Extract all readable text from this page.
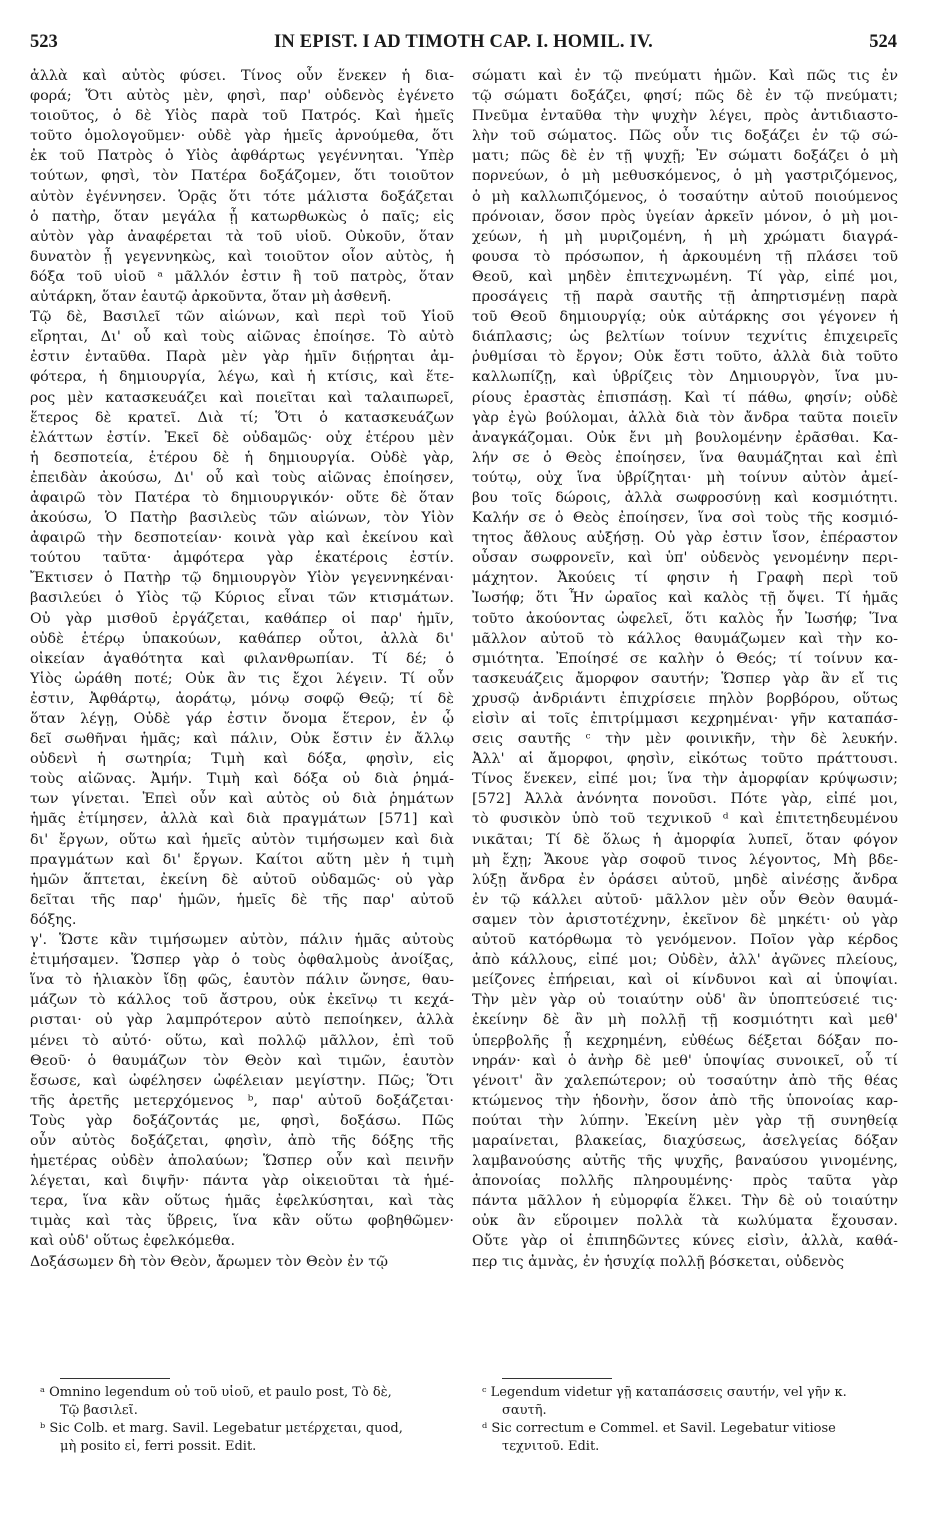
523	IN EPIST. I AD TIMOTH CAP. I. HOMIL. IV.	524
ἀλλὰ καὶ αὐτὸς φύσει. Τίνος οὖν ἕνεκεν ἡ δια-
φορά; Ὅτι αὐτὸς μὲν, φησὶ, παρ' οὐδενὸς ἐγένετο
τοιοῦτος, ὁ δὲ Υἱὸς παρὰ τοῦ Πατρός. Καὶ ἡμεῖς
τοῦτο ὁμολογοῦμεν· οὐδὲ γὰρ ἡμεῖς ἀρνούμεθα, ὅτι
ἐκ τοῦ Πατρὸς ὁ Υἱὸς ἀφθάρτως γεγέννηται. Ὑπὲρ
τούτων, φησὶ, τὸν Πατέρα δοξάζομεν, ὅτι τοιοῦτον
αὐτὸν ἐγέννησεν. Ὁρᾷς ὅτι τότε μάλιστα δοξάζεται
ὁ πατὴρ, ὅταν μεγάλα ᾖ κατωρθωκὼς ὁ παῖς; εἰς
αὐτὸν γὰρ ἀναφέρεται τὰ τοῦ υἱοῦ. Οὐκοῦν, ὅταν
δυνατὸν ᾖ γεγεννηκὼς, καὶ τοιοῦτον οἷον αὐτὸς, ἡ
δόξα τοῦ υἱοῦ ᵃ μᾶλλόν ἐστιν ἢ τοῦ πατρὸς, ὅταν
αὐτάρκη, ὅταν ἑαυτῷ ἀρκοῦντα, ὅταν μὴ ἀσθενῆ.
Τῷ δὲ, Βασιλεῖ τῶν αἰώνων, καὶ περὶ τοῦ Υἱοῦ
εἴρηται, Δι' οὗ καὶ τοὺς αἰῶνας ἐποίησε. Τὸ αὐτὸ
ἐστιν ἐνταῦθα. Παρὰ μὲν γὰρ ἡμῖν διῄρηται ἀμ-
φότερα, ἡ δημιουργία, λέγω, καὶ ἡ κτίσις, καὶ ἕτε-
ρος μὲν κατασκευάζει καὶ ποιεῖται καὶ ταλαιπωρεῖ,
ἕτερος δὲ κρατεῖ. Διὰ τί; Ὅτι ὁ κατασκευάζων
ἐλάττων ἐστίν. Ἐκεῖ δὲ οὐδαμῶς· οὐχ ἑτέρου μὲν
ἡ δεσποτεία, ἑτέρου δὲ ἡ δημιουργία. Οὐδὲ γὰρ,
ἐπειδὰν ἀκούσω, Δι' οὗ καὶ τοὺς αἰῶνας ἐποίησεν,
ἀφαιρῶ τὸν Πατέρα τὸ δημιουργικόν· οὔτε δὲ ὅταν
ἀκούσω, Ὁ Πατὴρ βασιλεὺς τῶν αἰώνων, τὸν Υἱὸν
ἀφαιρῶ τὴν δεσποτείαν· κοινὰ γὰρ καὶ ἐκείνου καὶ
τούτου ταῦτα· ἀμφότερα γὰρ ἑκατέροις ἐστίν.
Ἔκτισεν ὁ Πατὴρ τῷ δημιουργὸν Υἱὸν γεγεννηκέναι·
βασιλεύει ὁ Υἱὸς τῷ Κύριος εἶναι τῶν κτισμάτων.
Οὐ γὰρ μισθοῦ ἐργάζεται, καθάπερ οἱ παρ' ἡμῖν,
οὐδὲ ἑτέρῳ ὑπακούων, καθάπερ οὗτοι, ἀλλὰ δι'
οἰκείαν ἀγαθότητα καὶ φιλανθρωπίαν. Τί δέ; ὁ
Υἱὸς ὠράθη ποτέ; Οὐκ ἂν τις ἔχοι λέγειν. Τί οὖν
ἐστιν, Ἀφθάρτῳ, ἀοράτῳ, μόνῳ σοφῷ Θεῷ; τί δὲ
ὅταν λέγῃ, Οὐδὲ γάρ ἐστιν ὄνομα ἕτερον, ἐν ᾧ
δεῖ σωθῆναι ἡμᾶς; καὶ πάλιν, Οὐκ ἔστιν ἐν ἄλλῳ
οὐδενὶ ἡ σωτηρία; Τιμὴ καὶ δόξα, φησὶν, εἰς
τοὺς αἰῶνας. Ἀμήν. Τιμὴ καὶ δόξα οὐ διὰ ῥημά-
των γίνεται. Ἐπεὶ οὖν καὶ αὐτὸς οὐ διὰ ῥημάτων
ἡμᾶς ἐτίμησεν, ἀλλὰ καὶ διὰ πραγμάτων [571] καὶ
δι' ἔργων, οὕτω καὶ ἡμεῖς αὐτὸν τιμήσωμεν καὶ διὰ
πραγμάτων καὶ δι' ἔργων. Καίτοι αὕτη μὲν ἡ τιμὴ
ἡμῶν ἅπτεται, ἐκείνη δὲ αὐτοῦ οὐδαμῶς· οὐ γὰρ
δεῖται τῆς παρ' ἡμῶν, ἡμεῖς δὲ τῆς παρ' αὐτοῦ
δόξης.
γ'. Ὥστε κἂν τιμήσωμεν αὐτὸν, πάλιν ἡμᾶς αὐτοὺς
ἐτιμήσαμεν. Ὥσπερ γὰρ ὁ τοὺς ὀφθαλμοὺς ἀνοίξας,
ἵνα τὸ ἡλιακὸν ἴδῃ φῶς, ἑαυτὸν πάλιν ὤνησε, θαυ-
μάζων τὸ κάλλος τοῦ ἄστρου, οὐκ ἐκεῖνῳ τι κεχά-
ρισται· οὐ γὰρ λαμπρότερον αὐτὸ πεποίηκεν, ἀλλὰ
μένει τὸ αὐτό· οὕτω, καὶ πολλῷ μᾶλλον, ἐπὶ τοῦ
Θεοῦ· ὁ θαυμάζων τὸν Θεὸν καὶ τιμῶν, ἑαυτὸν
ἔσωσε, καὶ ὠφέλησεν ὠφέλειαν μεγίστην. Πῶς; Ὅτι
τῆς ἀρετῆς μετερχόμενος ᵇ, παρ' αὐτοῦ δοξάζεται·
Τοὺς γὰρ δοξάζοντάς με, φησὶ, δοξάσω. Πῶς
οὖν αὐτὸς δοξάζεται, φησὶν, ἀπὸ τῆς δόξης τῆς
ἡμετέρας οὐδὲν ἀπολαύων; Ὥσπερ οὖν καὶ πεινῆν
λέγεται, καὶ διψῆν· πάντα γὰρ οἰκειοῦται τὰ ἡμέ-
τερα, ἵνα κἂν οὕτως ἡμᾶς ἐφελκύσηται, καὶ τὰς
τιμὰς καὶ τὰς ὕβρεις, ἵνα κἂν οὕτω φοβηθῶμεν·
καὶ οὐδ' οὕτως ἐφελκόμεθα.
Δοξάσωμεν δὴ τὸν Θεὸν, ἄρωμεν τὸν Θεὸν ἐν τῷ
σώματι καὶ ἐν τῷ πνεύματι ἡμῶν. Καὶ πῶς τις ἐν
τῷ σώματι δοξάζει, φησί; πῶς δὲ ἐν τῷ πνεύματι;
Πνεῦμα ἐνταῦθα τὴν ψυχὴν λέγει, πρὸς ἀντιδιαστο-
λὴν τοῦ σώματος. Πῶς οὖν τις δοξάζει ἐν τῷ σώ-
ματι; πῶς δὲ ἐν τῇ ψυχῇ; Ἐν σώματι δοξάζει ὁ μὴ
πορνεύων, ὁ μὴ μεθυσκόμενος, ὁ μὴ γαστριζόμενος,
ὁ μὴ καλλωπιζόμενος, ὁ τοσαύτην αὐτοῦ ποιούμενος
πρόνοιαν, ὅσον πρὸς ὑγείαν ἀρκεῖν μόνον, ὁ μὴ μοι-
χεύων, ἡ μὴ μυριζομένη, ἡ μὴ χρώματι διαγρά-
φουσα τὸ πρόσωπον, ἡ ἀρκουμένη τῇ πλάσει τοῦ
Θεοῦ, καὶ μηδὲν ἐπιτεχνωμένη. Τί γὰρ, εἰπέ μοι,
προσάγεις τῇ παρὰ σαυτῆς τῇ ἀπηρτισμένῃ παρὰ
τοῦ Θεοῦ δημιουργίᾳ; οὐκ αὐτάρκης σοι γέγονεν ἡ
διάπλασις; ὡς βελτίων τοίνυν τεχνίτις ἐπιχειρεῖς
ῥυθμίσαι τὸ ἔργον; Οὐκ ἔστι τοῦτο, ἀλλὰ διὰ τοῦτο
καλλωπίζῃ, καὶ ὑβρίζεις τὸν Δημιουργὸν, ἵνα μυ-
ρίους ἐραστὰς ἐπισπάσῃ. Καὶ τί πάθω, φησίν; οὐδὲ
γὰρ ἐγὼ βούλομαι, ἀλλὰ διὰ τὸν ἄνδρα ταῦτα ποιεῖν
ἀναγκάζομαι. Οὐκ ἔνι μὴ βουλομένην ἐρᾶσθαι. Κα-
λήν σε ὁ Θεὸς ἐποίησεν, ἵνα θαυμάζηται καὶ ἐπὶ
τούτῳ, οὐχ ἵνα ὑβρίζηται· μὴ τοίνυν αὐτὸν ἀμεί-
βου τοῖς δώροις, ἀλλὰ σωφροσύνῃ καὶ κοσμιότητι.
Καλήν σε ὁ Θεὸς ἐποίησεν, ἵνα σοὶ τοὺς τῆς κοσμιό-
τητος ἄθλους αὐξήσῃ. Οὐ γὰρ ἐστιν ἴσον, ἐπέραστον
οὖσαν σωφρονεῖν, καὶ ὑπ' οὐδενὸς γενομένην περι-
μάχητον. Ἀκούεις τί φησιν ἡ Γραφὴ περὶ τοῦ
Ἰωσήφ; ὅτι Ἦν ὡραῖος καὶ καλὸς τῇ ὄψει. Τί ἡμᾶς
τοῦτο ἀκούοντας ὠφελεῖ, ὅτι καλὸς ἦν Ἰωσήφ; Ἵνα
μᾶλλον αὐτοῦ τὸ κάλλος θαυμάζωμεν καὶ τὴν κο-
σμιότητα. Ἐποίησέ σε καλὴν ὁ Θεός; τί τοίνυν κα-
τασκευάζεις ἄμορφον σαυτήν; Ὥσπερ γὰρ ἂν εἴ τις
χρυσῷ ἀνδριάντι ἐπιχρίσειε πηλὸν βορβόρου, οὕτως
εἰσὶν αἱ τοῖς ἐπιτρίμμασι κεχρημέναι· γῆν καταπάσ-
σεις σαυτῆς ᶜ τὴν μὲν φοινικῆν, τὴν δὲ λευκήν.
Ἀλλ' αἱ ἄμορφοι, φησὶν, εἰκότως τοῦτο πράττουσι.
Τίνος ἕνεκεν, εἰπέ μοι; ἵνα τὴν ἀμορφίαν κρύψωσιν;
[572] Ἀλλὰ ἀνόνητα πονοῦσι. Πότε γὰρ, εἰπέ μοι,
τὸ φυσικὸν ὑπὸ τοῦ τεχνικοῦ ᵈ καὶ ἐπιτετηδευμένου
νικᾶται; Τί δὲ ὅλως ἡ ἀμορφία λυπεῖ, ὅταν φόγον
μὴ ἔχῃ; Ἄκουε γὰρ σοφοῦ τινος λέγοντος, Μὴ βδε-
λύξῃ ἄνδρα ἐν ὁράσει αὐτοῦ, μηδὲ αἰνέσῃς ἄνδρα
ἐν τῷ κάλλει αὐτοῦ· μᾶλλον μὲν οὖν Θεὸν θαυμά-
σαμεν τὸν ἀριστοτέχνην, ἐκεῖνον δὲ μηκέτι· οὐ γὰρ
αὐτοῦ κατόρθωμα τὸ γενόμενον. Ποῖον γὰρ κέρδος
ἀπὸ κάλλους, εἰπέ μοι; Οὐδὲν, ἀλλ' ἀγῶνες πλείους,
μείζονες ἐπήρειαι, καὶ οἱ κίνδυνοι καὶ αἱ ὑποψίαι.
Τὴν μὲν γὰρ οὐ τοιαύτην οὐδ' ἂν ὑποπτεύσειέ τις·
ἐκείνην δὲ ἂν μὴ πολλῇ τῇ κοσμιότητι καὶ μεθ'
ὑπερβολῆς ᾖ κεχρημένη, εὐθέως δέξεται δόξαν πο-
νηράν· καὶ ὁ ἀνὴρ δὲ μεθ' ὑποψίας συνοικεῖ, οὗ τί
γένοιτ' ἂν χαλεπώτερον; οὐ τοσαύτην ἀπὸ τῆς θέας
κτώμενος τὴν ἡδονὴν, ὅσον ἀπὸ τῆς ὑπονοίας καρ-
πούται τὴν λύπην. Ἐκείνη μὲν γὰρ τῇ συνηθείᾳ
μαραίνεται, βλακείας, διαχύσεως, ἀσελγείας δόξαν
λαμβανούσης αὐτῆς τῆς ψυχῆς, βαναύσου γινομένης,
ἀπονοίας πολλῆς πληρουμένης· πρὸς ταῦτα γὰρ
πάντα μᾶλλον ἡ εὐμορφία ἕλκει. Τὴν δὲ οὐ τοιαύτην
οὐκ ἂν εὕροιμεν πολλὰ τὰ κωλύματα ἔχουσαν.
Οὔτε γὰρ οἱ ἐπιπηδῶντες κύνες εἰσὶν, ἀλλὰ, καθά-
περ τις ἀμνὰς, ἐν ἡσυχίᾳ πολλῇ βόσκεται, οὐδενὸς
ᵃ Omnino legendum οὐ τοῦ υἱοῦ, et paulo post, Τὸ δὲ,
Τῷ βασιλεῖ.
ᵇ Sic Colb. et marg. Savil. Legebatur μετέρχεται, quod,
μὴ posito εἰ, ferri possit. Edit.
ᶜ Legendum videtur γῇ καταπάσσεις σαυτήν, vel γῆν κ.
σαυτῆ.
ᵈ Sic correctum e Commel. et Savil. Legebatur vitiose
τεχνιτοῦ. Edit.
